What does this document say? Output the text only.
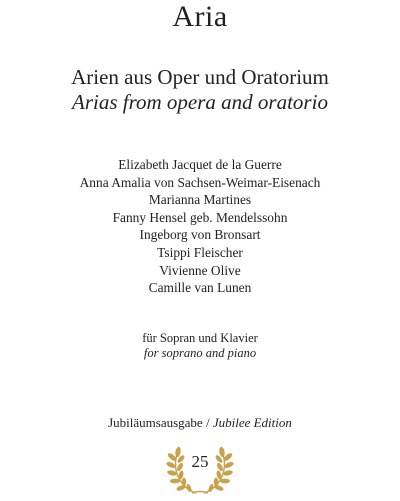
Aria
Arien aus Oper und Oratorium
Arias from opera and oratorio
Elizabeth Jacquet de la Guerre
Anna Amalia von Sachsen-Weimar-Eisenach
Marianna Martines
Fanny Hensel geb. Mendelssohn
Ingeborg von Bronsart
Tsippi Fleischer
Vivienne Olive
Camille van Lunen
für Sopran und Klavier
for soprano and piano
Jubiläumsausgabe / Jubilee Edition
25
